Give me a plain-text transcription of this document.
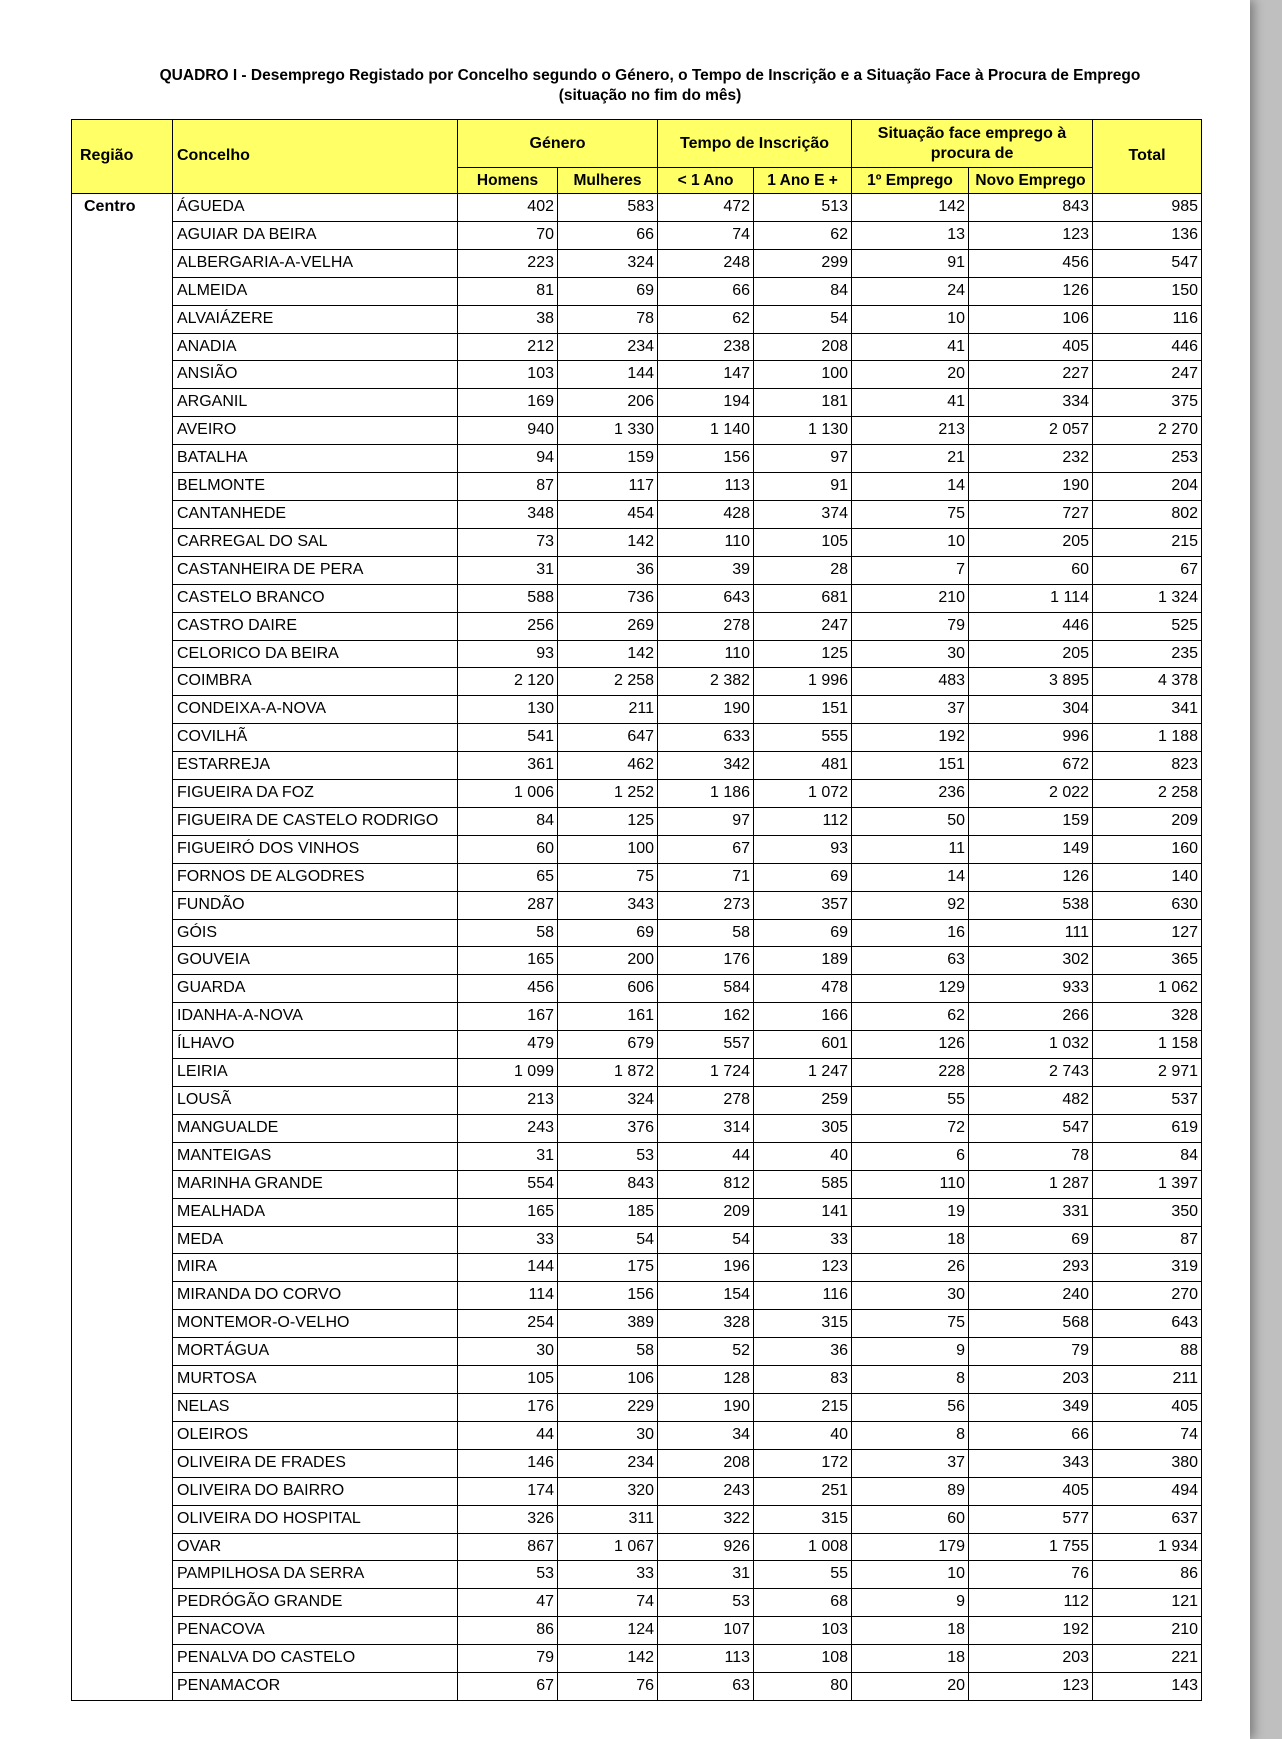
QUADRO I - Desemprego Registado por Concelho segundo o Género, o Tempo de Inscrição e a Situação Face à Procura de Emprego
(situação no fim do mês)
Região	Concelho	Género		Tempo de Inscrição		Situação face emprego à procura de		Total
		Homens	Mulheres	< 1 Ano	1 Ano E +	1º Emprego	Novo Emprego	
Centro	ÁGUEDA	402	583	472	513	142	843	985
	AGUIAR DA BEIRA	70	66	74	62	13	123	136
	ALBERGARIA-A-VELHA	223	324	248	299	91	456	547
	ALMEIDA	81	69	66	84	24	126	150
	ALVAIÁZERE	38	78	62	54	10	106	116
	ANADIA	212	234	238	208	41	405	446
	ANSIÃO	103	144	147	100	20	227	247
	ARGANIL	169	206	194	181	41	334	375
	AVEIRO	940	1 330	1 140	1 130	213	2 057	2 270
	BATALHA	94	159	156	97	21	232	253
	BELMONTE	87	117	113	91	14	190	204
	CANTANHEDE	348	454	428	374	75	727	802
	CARREGAL DO SAL	73	142	110	105	10	205	215
	CASTANHEIRA DE PERA	31	36	39	28	7	60	67
	CASTELO BRANCO	588	736	643	681	210	1 114	1 324
	CASTRO DAIRE	256	269	278	247	79	446	525
	CELORICO DA BEIRA	93	142	110	125	30	205	235
	COIMBRA	2 120	2 258	2 382	1 996	483	3 895	4 378
	CONDEIXA-A-NOVA	130	211	190	151	37	304	341
	COVILHÃ	541	647	633	555	192	996	1 188
	ESTARREJA	361	462	342	481	151	672	823
	FIGUEIRA DA FOZ	1 006	1 252	1 186	1 072	236	2 022	2 258
	FIGUEIRA DE CASTELO RODRIGO	84	125	97	112	50	159	209
	FIGUEIRÓ DOS VINHOS	60	100	67	93	11	149	160
	FORNOS DE ALGODRES	65	75	71	69	14	126	140
	FUNDÃO	287	343	273	357	92	538	630
	GÓIS	58	69	58	69	16	111	127
	GOUVEIA	165	200	176	189	63	302	365
	GUARDA	456	606	584	478	129	933	1 062
	IDANHA-A-NOVA	167	161	162	166	62	266	328
	ÍLHAVO	479	679	557	601	126	1 032	1 158
	LEIRIA	1 099	1 872	1 724	1 247	228	2 743	2 971
	LOUSÃ	213	324	278	259	55	482	537
	MANGUALDE	243	376	314	305	72	547	619
	MANTEIGAS	31	53	44	40	6	78	84
	MARINHA GRANDE	554	843	812	585	110	1 287	1 397
	MEALHADA	165	185	209	141	19	331	350
	MEDA	33	54	54	33	18	69	87
	MIRA	144	175	196	123	26	293	319
	MIRANDA DO CORVO	114	156	154	116	30	240	270
	MONTEMOR-O-VELHO	254	389	328	315	75	568	643
	MORTÁGUA	30	58	52	36	9	79	88
	MURTOSA	105	106	128	83	8	203	211
	NELAS	176	229	190	215	56	349	405
	OLEIROS	44	30	34	40	8	66	74
	OLIVEIRA DE FRADES	146	234	208	172	37	343	380
	OLIVEIRA DO BAIRRO	174	320	243	251	89	405	494
	OLIVEIRA DO HOSPITAL	326	311	322	315	60	577	637
	OVAR	867	1 067	926	1 008	179	1 755	1 934
	PAMPILHOSA DA SERRA	53	33	31	55	10	76	86
	PEDRÓGÃO GRANDE	47	74	53	68	9	112	121
	PENACOVA	86	124	107	103	18	192	210
	PENALVA DO CASTELO	79	142	113	108	18	203	221
	PENAMACOR	67	76	63	80	20	123	143
